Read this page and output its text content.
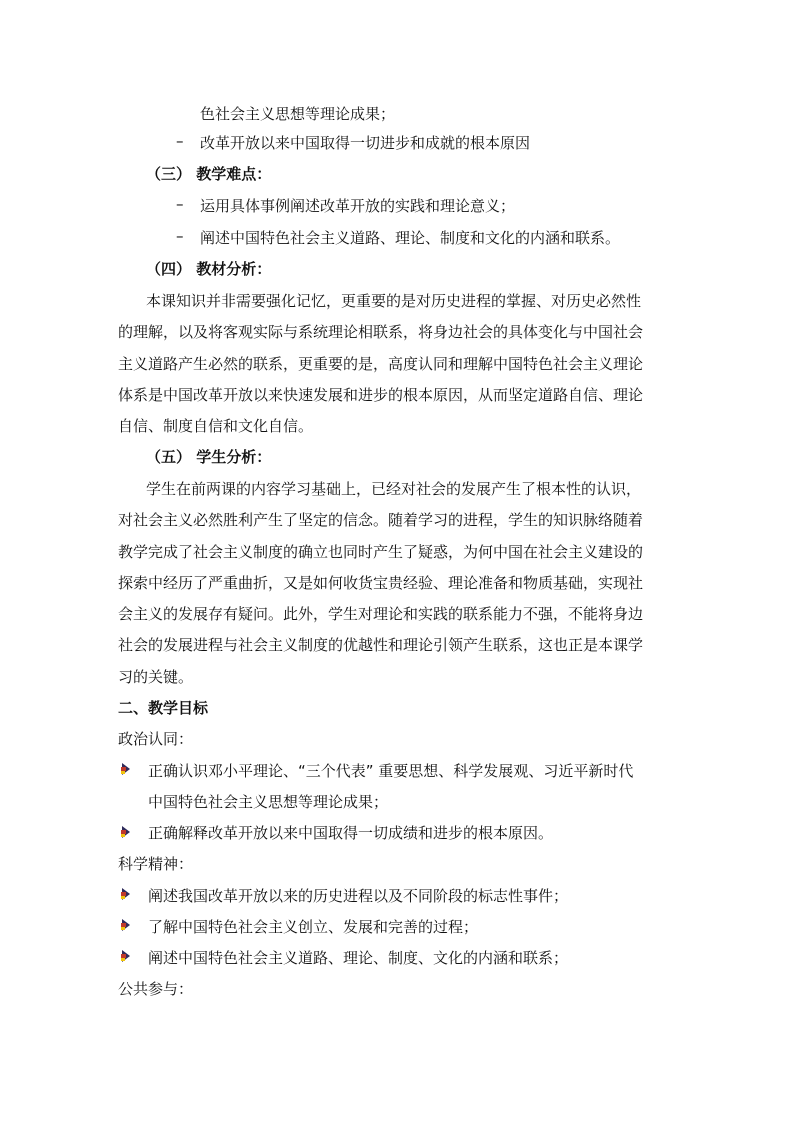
色社会主义思想等理论成果；
– 改革开放以来中国取得一切进步和成就的根本原因
（三） 教学难点：
– 运用具体事例阐述改革开放的实践和理论意义；
– 阐述中国特色社会主义道路、理论、制度和文化的内涵和联系。
（四） 教材分析：
本课知识并非需要强化记忆，更重要的是对历史进程的掌握、对历史必然性
的理解，以及将客观实际与系统理论相联系，将身边社会的具体变化与中国社会
主义道路产生必然的联系，更重要的是，高度认同和理解中国特色社会主义理论
体系是中国改革开放以来快速发展和进步的根本原因，从而坚定道路自信、理论
自信、制度自信和文化自信。
（五） 学生分析：
学生在前两课的内容学习基础上，已经对社会的发展产生了根本性的认识，
对社会主义必然胜利产生了坚定的信念。随着学习的进程，学生的知识脉络随着
教学完成了社会主义制度的确立也同时产生了疑惑，为何中国在社会主义建设的
探索中经历了严重曲折，又是如何收货宝贵经验、理论准备和物质基础，实现社
会主义的发展存有疑问。此外，学生对理论和实践的联系能力不强，不能将身边
社会的发展进程与社会主义制度的优越性和理论引领产生联系，这也正是本课学
习的关键。
二、教学目标
政治认同：
正确认识邓小平理论、“三个代表” 重要思想、科学发展观、习近平新时代
中国特色社会主义思想等理论成果；
正确解释改革开放以来中国取得一切成绩和进步的根本原因。
科学精神：
阐述我国改革开放以来的历史进程以及不同阶段的标志性事件；
了解中国特色社会主义创立、发展和完善的过程；
阐述中国特色社会主义道路、理论、制度、文化的内涵和联系；
公共参与：
